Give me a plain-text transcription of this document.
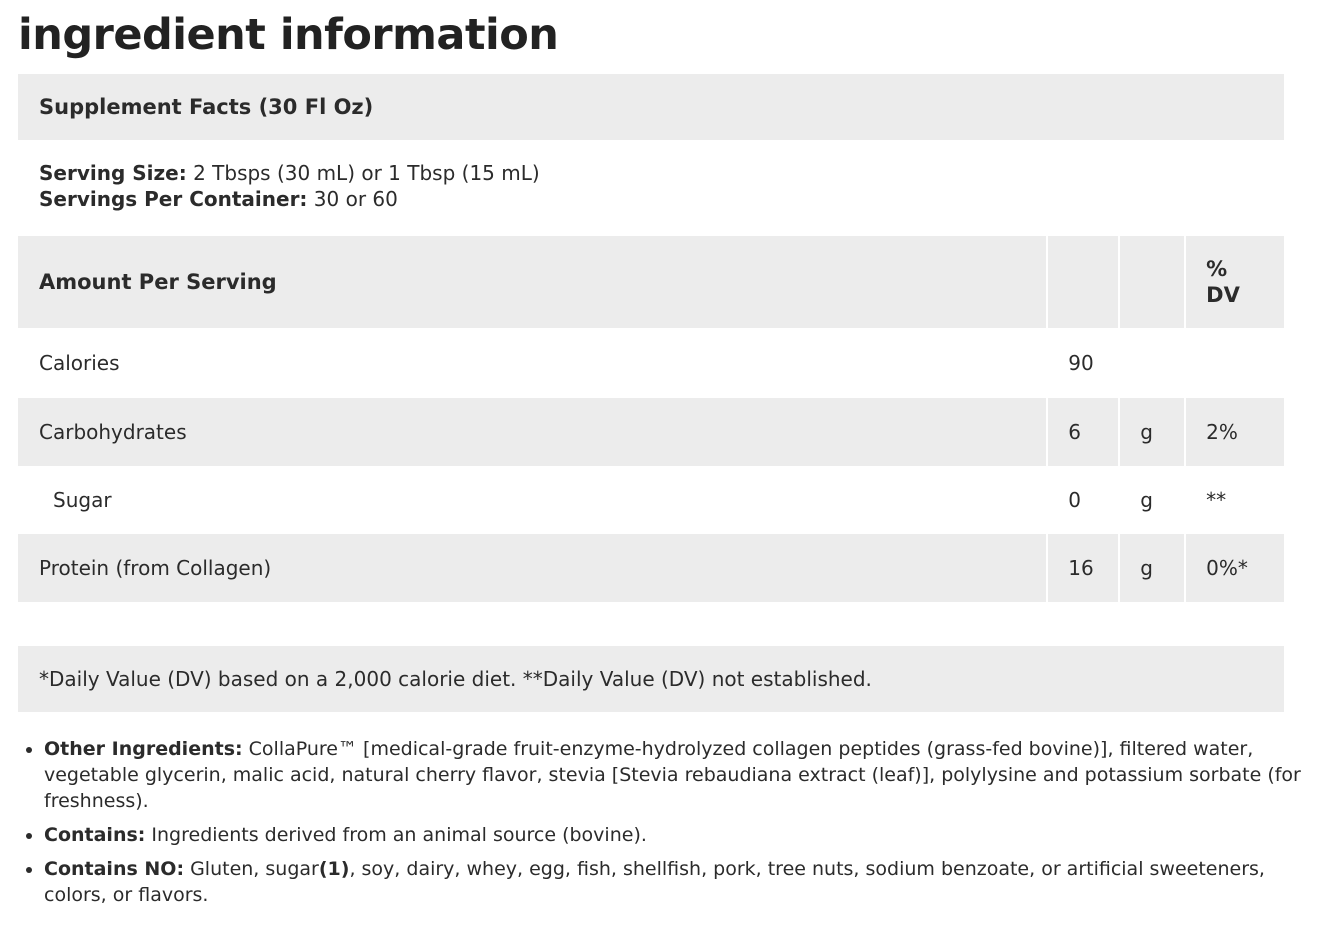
ingredient information
Supplement Facts (30 Fl Oz)
Serving Size: 2 Tbsps (30 mL) or 1 Tbsp (15 mL)
Servings Per Container: 30 or 60
Amount Per Serving
%
DV
Calories	90
Carbohydrates	6	g	2%
Sugar	0	g	**
Protein (from Collagen)	16	g	0%*
*Daily Value (DV) based on a 2,000 calorie diet. **Daily Value (DV) not established.
• Other Ingredients: CollaPure™ [medical-grade fruit-enzyme-hydrolyzed collagen peptides (grass-fed bovine)], filtered water, vegetable glycerin, malic acid, natural cherry flavor, stevia [Stevia rebaudiana extract (leaf)], polylysine and potassium sorbate (for freshness).
• Contains: Ingredients derived from an animal source (bovine).
• Contains NO: Gluten, sugar(1), soy, dairy, whey, egg, fish, shellfish, pork, tree nuts, sodium benzoate, or artificial sweeteners, colors, or flavors.
